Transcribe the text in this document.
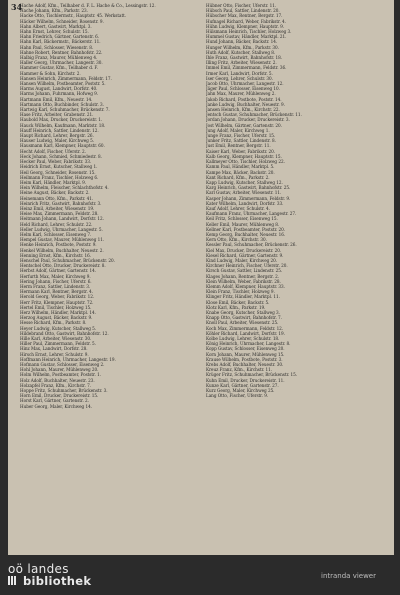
34
Hache Adolf, Kfm., Teilhaber d. F. L. Hache & Co., Lessingstr. 12.
Hache Johann, Kfm., Parkstr. 23.
Hacke Otto, Tischlermstr., Hauptstr. 45. Werkstatt.
Häcker Wilhelm, Schneider, Rosenstr. 9.
Hahn Albert, Gastwirt, Marktpl. 3.
Hahn Ernst, Lehrer, Schulstr. 15.
Hahn Friedrich, Gärtner, Gartenstr. 6.
Hahn Karl, Bäckermstr., Bäckerstr. 11.
Hahn Paul, Schlosser, Wiesenstr. 8.
Hahne Robert, Rentner, Bahnhofstr. 22.
Halbig Franz, Maurer, Mühlenweg 4.
Haller Georg, Uhrmacher, Langestr. 30.
Hammer Gustav, Kfm., Teilhaber d. F.
Hammer & Sohn, Kirchstr. 2.
Hansen Heinrich, Zimmermann, Feldstr. 17.
Hansen Wilhelm, Postbeamter, Poststr. 5.
Harms August, Landwirt, Dorfstr. 40.
Harms Johann, Fuhrmann, Hofweg 9.
Hartmann Emil, Kfm., Neuestr. 14.
Hartmann Otto, Buchbinder, Schulstr. 3.
Hartwig Karl, Schuhmacher, Brückenstr. 7.
Hase Fritz, Arbeiter, Grabenstr. 21.
Haubold Max, Drucker, Druckereistr. 1.
Hauck Wilhelm, Kaufmann, Marktstr. 18.
Hauff Heinrich, Sattler, Lindenstr. 12.
Haupt Richard, Lehrer, Bergstr. 26.
Hauser Ludwig, Maler, Kirchweg 5.
Hausmann Karl, Klempner, Hauptstr. 60.
Hecht Adolf, Fischer, Uferstr. 2.
Heck Johann, Schmied, Schmiedestr. 8.
Hecker Paul, Weber, Fabrikstr. 33.
Heidrich Ernst, Kutscher, Stallweg 1.
Heil Georg, Schneider, Rosenstr. 15.
Heilmann Franz, Tischler, Holzweg 6.
Heim Karl, Händler, Marktpl. 9.
Hein Wilhelm, Fleischer, Schlachthofstr. 4.
Heine August, Bäcker, Backstr. 2.
Heinemann Otto, Kfm., Parkstr. 41.
Heinrich Fritz, Gastwirt, Bahnhofstr. 3.
Heinz Emil, Arbeiter, Wiesenstr. 19.
Heise Max, Zimmermann, Feldstr. 28.
Heitmann Johann, Landwirt, Dorfstr. 12.
Held Richard, Lehrer, Schulstr. 22.
Heller Ludwig, Uhrmacher, Langestr. 5.
Helm Karl, Schlosser, Eisenweg 7.
Hempel Gustav, Maurer, Mühlenweg 11.
Henke Heinrich, Postbote, Poststr. 9.
Henkel Wilhelm, Buchhalter, Neuestr. 2.
Henning Ernst, Kfm., Kirchstr. 16.
Henschel Paul, Schuhmacher, Brückenstr. 20.
Hentschel Otto, Drucker, Druckereistr. 8.
Herbst Adolf, Gärtner, Gartenstr. 14.
Herfurth Max, Maler, Kirchweg 9.
Hering Johann, Fischer, Uferstr. 6.
Herm Franz, Sattler, Lindenstr. 3.
Hermann Karl, Rentner, Bergstr. 4.
Herold Georg, Weber, Fabrikstr. 12.
Herr Fritz, Klempner, Hauptstr. 72.
Hertel Emil, Tischler, Holzweg 15.
Herz Wilhelm, Händler, Marktpl. 14.
Herzog August, Bäcker, Backstr. 9.
Hesse Richard, Kfm., Parkstr. 8.
Heyer Ludwig, Kutscher, Stallweg 5.
Hildebrand Otto, Gastwirt, Bahnhofstr. 12.
Hille Karl, Arbeiter, Wiesenstr. 30.
Hiller Paul, Zimmermann, Feldstr. 5.
Hinz Max, Landwirt, Dorfstr. 28.
Hirsch Ernst, Lehrer, Schulstr. 9.
Hoffmann Heinrich, Uhrmacher, Langestr. 19.
Hofmann Gustav, Schlosser, Eisenweg 2.
Hohl Johann, Maurer, Mühlenweg 20.
Holm Wilhelm, Postbeamter, Poststr. 1.
Holz Adolf, Buchhalter, Neuestr. 23.
Holzapfel Franz, Kfm., Kirchstr. 7.
Hoppe Fritz, Schuhmacher, Brückenstr. 3.
Horn Emil, Drucker, Druckereistr. 15.
Horst Karl, Gärtner, Gartenstr. 2.
Huber Georg, Maler, Kirchweg 14.
Hübner Otto, Fischer, Uferstr. 11.
Hübsch Paul, Sattler, Lindenstr. 20.
Hübscher Max, Rentner, Bergstr. 17.
Hufnagel Richard, Weber, Fabrikstr. 4.
Hühn Ludwig, Klempner, Hauptstr. 9.
Hülsmann Heinrich, Tischler, Holzweg 3.
Hummel Gustav, Händler, Marktpl. 21.
Hund Johann, Bäcker, Backstr. 14.
Hunger Wilhelm, Kfm., Parkstr. 30.
Huth Adolf, Kutscher, Stallweg 8.
Ihle Franz, Gastwirt, Bahnhofstr. 18.
Illing Fritz, Arbeiter, Wiesenstr. 2.
Immel Emil, Zimmermann, Feldstr. 36.
Irmer Karl, Landwirt, Dorfstr. 5.
Iser Georg, Lehrer, Schulstr. 30.
Jacob Otto, Uhrmacher, Langestr. 12.
Jäger Paul, Schlosser, Eisenweg 10.
Jahn Max, Maurer, Mühlenweg 2.
Jakob Richard, Postbote, Poststr. 14.
Janke Ludwig, Buchhalter, Neuestr. 9.
Jansen Heinrich, Kfm., Kirchstr. 22.
Jentsch Gustav, Schuhmacher, Brückenstr. 11.
Jordan Johann, Drucker, Druckereistr. 3.
Jost Wilhelm, Gärtner, Gartenstr. 20.
Jung Adolf, Maler, Kirchweg 1.
Junge Franz, Fischer, Uferstr. 15.
Junker Fritz, Sattler, Lindenstr. 8.
Just Emil, Rentner, Bergstr. 11.
Kaiser Karl, Weber, Fabrikstr. 20.
Kalb Georg, Klempner, Hauptstr. 15.
Kallmeyer Otto, Tischler, Holzweg 22.
Kamm Paul, Händler, Marktpl. 5.
Kampe Max, Bäcker, Backstr. 20.
Kant Richard, Kfm., Parkstr. 2.
Kapp Ludwig, Kutscher, Stallweg 12.
Karg Heinrich, Gastwirt, Bahnhofstr. 25.
Karl Gustav, Arbeiter, Wiesenstr. 11.
Kasper Johann, Zimmermann, Feldstr. 9.
Kater Wilhelm, Landwirt, Dorfstr. 33.
Kauf Adolf, Lehrer, Schulstr. 4.
Kaufmann Franz, Uhrmacher, Langestr. 27.
Keil Fritz, Schlosser, Eisenweg 15.
Keller Emil, Maurer, Mühlenweg 8.
Kellner Karl, Postbeamter, Poststr. 20.
Kemp Georg, Buchhalter, Neuestr. 16.
Kern Otto, Kfm., Kirchstr. 30.
Kessler Paul, Schuhmacher, Brückenstr. 26.
Kiel Max, Drucker, Druckereistr. 20.
Kiesel Richard, Gärtner, Gartenstr. 9.
Kind Ludwig, Maler, Kirchweg 20.
Kirchner Heinrich, Fischer, Uferstr. 20.
Kirsch Gustav, Sattler, Lindenstr. 25.
Klages Johann, Rentner, Bergstr. 2.
Klein Wilhelm, Weber, Fabrikstr. 28.
Klemm Adolf, Klempner, Hauptstr. 33.
Klein Franz, Tischler, Holzweg 9.
Klinger Fritz, Händler, Marktpl. 11.
Klose Emil, Bäcker, Backstr. 5.
Klotz Karl, Kfm., Parkstr. 19.
Knabe Georg, Kutscher, Stallweg 3.
Knapp Otto, Gastwirt, Bahnhofstr. 7.
Knoll Paul, Arbeiter, Wiesenstr. 25.
Koch Max, Zimmermann, Feldstr. 12.
Köhler Richard, Landwirt, Dorfstr. 19.
Kolbe Ludwig, Lehrer, Schulstr. 18.
König Heinrich, Uhrmacher, Langestr. 8.
Kopp Gustav, Schlosser, Eisenweg 20.
Korn Johann, Maurer, Mühlenweg 15.
Krause Wilhelm, Postbote, Poststr. 3.
Krebs Adolf, Buchhalter, Neuestr. 30.
Kreuz Franz, Kfm., Kirchstr. 11.
Krüger Fritz, Schuhmacher, Brückenstr. 15.
Kuhn Emil, Drucker, Druckereistr. 11.
Kunze Karl, Gärtner, Gartenstr. 27.
Kurz Georg, Maler, Kirchweg 25.
Lang Otto, Fischer, Uferstr. 9.
oö landes
bibliothek	intranda viewer
